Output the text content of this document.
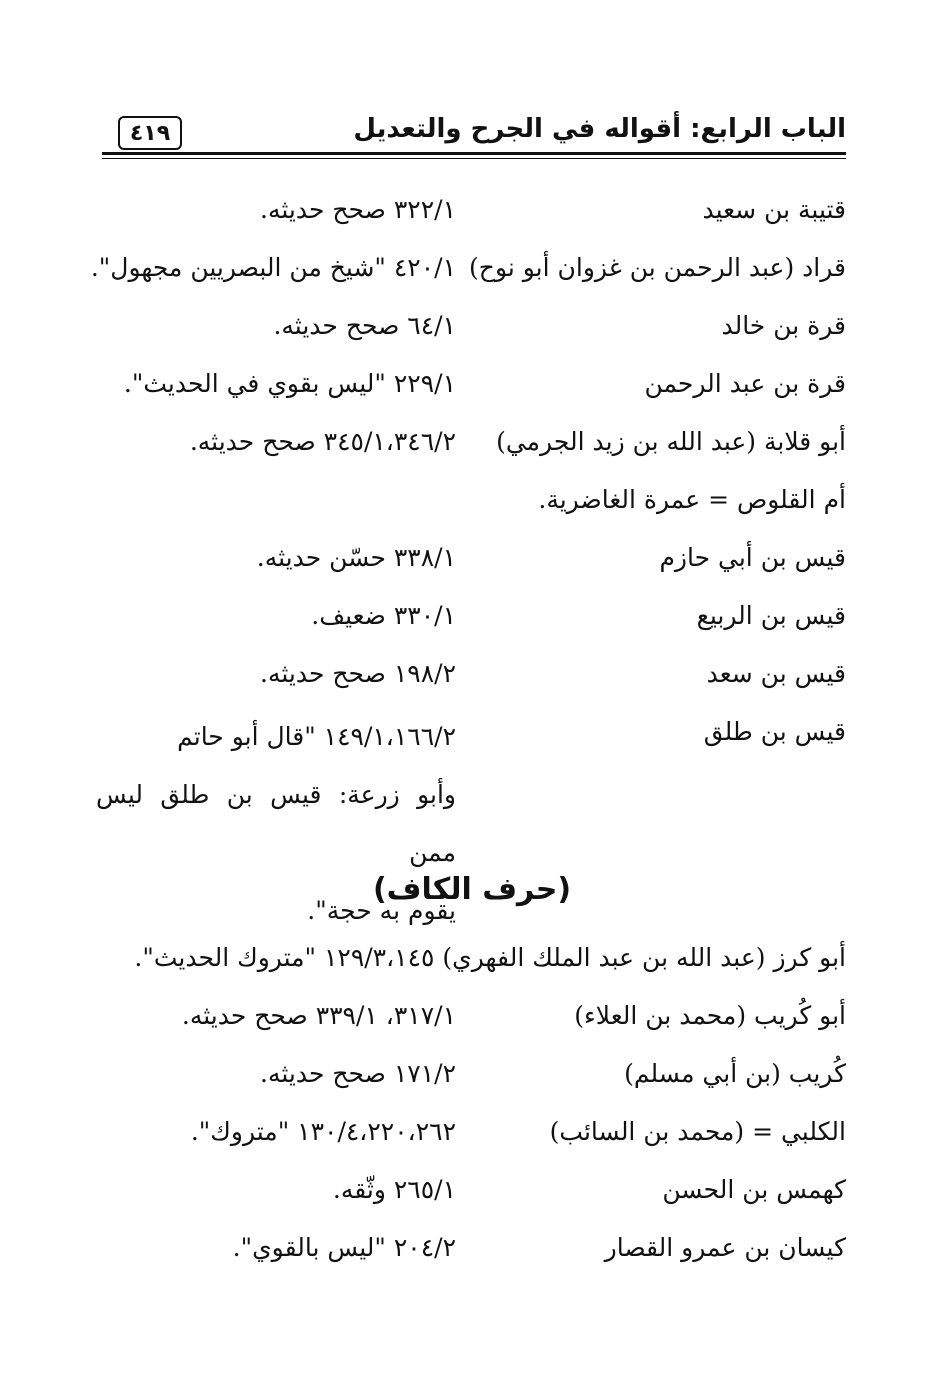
الباب الرابع: أقواله في الجرح والتعديل
٤١٩
قتيبة بن سعيد
٣٢٢/١ صحح حديثه.
قراد (عبد الرحمن بن غزوان أبو نوح)
٤٢٠/١ "شيخ من البصريين مجهول".
قرة بن خالد
٦٤/١ صحح حديثه.
قرة بن عبد الرحمن
٢٢٩/١ "ليس بقوي في الحديث".
أبو قلابة (عبد الله بن زيد الجرمي)
٣٤٥/١،٣٤٦/٢ صحح حديثه.
أم القلوص = عمرة الغاضرية.
قيس بن أبي حازم
٣٣٨/١ حسّن حديثه.
قيس بن الربيع
٣٣٠/١ ضعيف.
قيس بن سعد
١٩٨/٢ صحح حديثه.
قيس بن طلق
١٤٩/١،١٦٦/٢ "قال أبو حاتم
وأبو زرعة: قيس بن طلق ليس ممن
يقوم به حجة".
(حرف الكاف)
أبو كرز (عبد الله بن عبد الملك الفهري) ١٢٩/٣،١٤٥ "متروك الحديث".
أبو كُريب (محمد بن العلاء)
٣١٧/١، ٣٣٩/١ صحح حديثه.
كُريب (بن أبي مسلم)
١٧١/٢ صحح حديثه.
الكلبي = (محمد بن السائب)
١٣٠/٤،٢٢٠،٢٦٢ "متروك".
كهمس بن الحسن
٢٦٥/١ وثّقه.
كيسان بن عمرو القصار
٢٠٤/٢ "ليس بالقوي".
